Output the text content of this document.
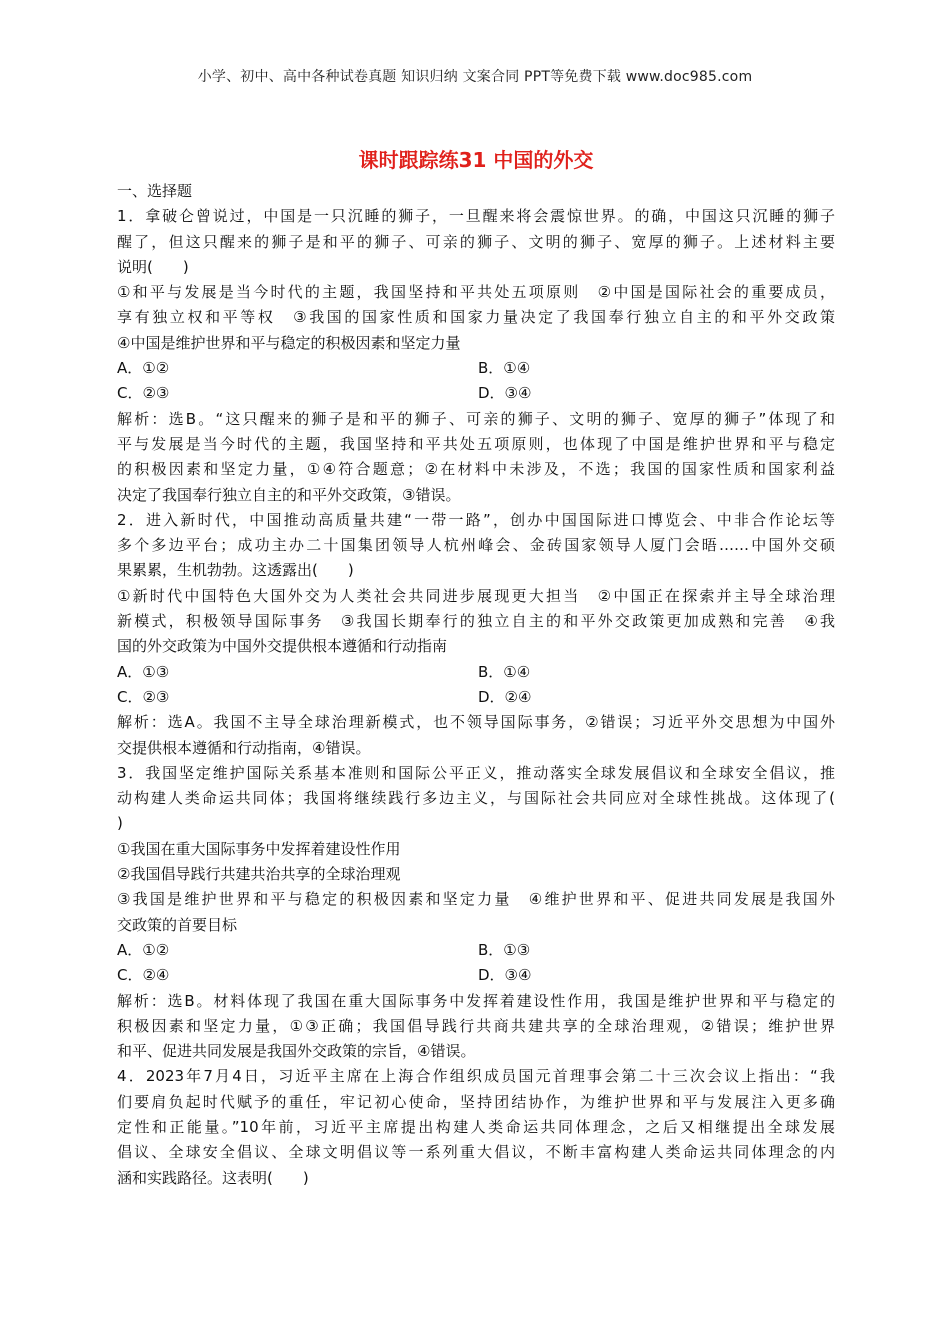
小学、初中、高中各种试卷真题 知识归纳 文案合同 PPT等免费下载 www.doc985.com
课时跟踪练31 中国的外交
一、选择题
1．拿破仑曾说过，中国是一只沉睡的狮子，一旦醒来将会震惊世界。的确，中国这只沉睡的狮子
醒了，但这只醒来的狮子是和平的狮子、可亲的狮子、文明的狮子、宽厚的狮子。上述材料主要
说明(　　)
①和平与发展是当今时代的主题，我国坚持和平共处五项原则　②中国是国际社会的重要成员，
享有独立权和平等权　③我国的国家性质和国家力量决定了我国奉行独立自主的和平外交政策
④中国是维护世界和平与稳定的积极因素和坚定力量
A．①②	B．①④
C．②③	D．③④
解析：选B。“这只醒来的狮子是和平的狮子、可亲的狮子、文明的狮子、宽厚的狮子”体现了和
平与发展是当今时代的主题，我国坚持和平共处五项原则，也体现了中国是维护世界和平与稳定
的积极因素和坚定力量，①④符合题意；②在材料中未涉及，不选；我国的国家性质和国家利益
决定了我国奉行独立自主的和平外交政策，③错误。
2．进入新时代，中国推动高质量共建“一带一路”，创办中国国际进口博览会、中非合作论坛等
多个多边平台；成功主办二十国集团领导人杭州峰会、金砖国家领导人厦门会晤……中国外交硕
果累累，生机勃勃。这透露出(　　)
①新时代中国特色大国外交为人类社会共同进步展现更大担当　②中国正在探索并主导全球治理
新模式，积极领导国际事务　③我国长期奉行的独立自主的和平外交政策更加成熟和完善　④我
国的外交政策为中国外交提供根本遵循和行动指南
A．①③	B．①④
C．②③	D．②④
解析：选A。我国不主导全球治理新模式，也不领导国际事务，②错误；习近平外交思想为中国外
交提供根本遵循和行动指南，④错误。
3．我国坚定维护国际关系基本准则和国际公平正义，推动落实全球发展倡议和全球安全倡议，推
动构建人类命运共同体；我国将继续践行多边主义，与国际社会共同应对全球性挑战。这体现了(
)
①我国在重大国际事务中发挥着建设性作用
②我国倡导践行共建共治共享的全球治理观
③我国是维护世界和平与稳定的积极因素和坚定力量　④维护世界和平、促进共同发展是我国外
交政策的首要目标
A．①②	B．①③
C．②④	D．③④
解析：选B。材料体现了我国在重大国际事务中发挥着建设性作用，我国是维护世界和平与稳定的
积极因素和坚定力量，①③正确；我国倡导践行共商共建共享的全球治理观，②错误；维护世界
和平、促进共同发展是我国外交政策的宗旨，④错误。
4．2023年7月4日，习近平主席在上海合作组织成员国元首理事会第二十三次会议上指出：“我
们要肩负起时代赋予的重任，牢记初心使命，坚持团结协作，为维护世界和平与发展注入更多确
定性和正能量。”10年前，习近平主席提出构建人类命运共同体理念，之后又相继提出全球发展
倡议、全球安全倡议、全球文明倡议等一系列重大倡议，不断丰富构建人类命运共同体理念的内
涵和实践路径。这表明(　　)
